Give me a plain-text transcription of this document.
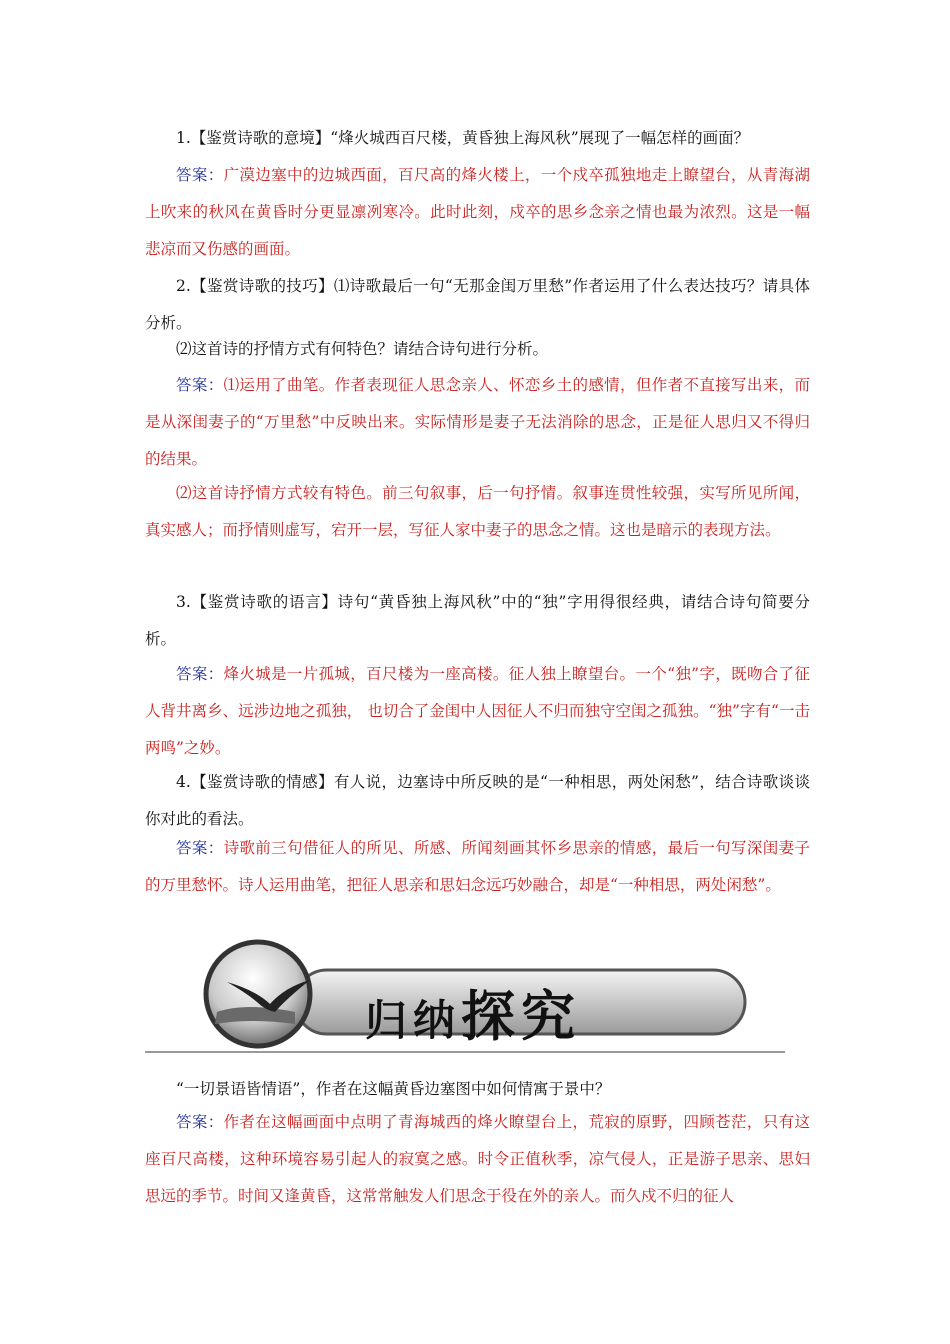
1.【鉴赏诗歌的意境】“烽火城西百尺楼，黄昏独上海风秋”展现了一幅怎样的画面？

答案：广漠边塞中的边城西面，百尺高的烽火楼上，一个戍卒孤独地走上瞭望台，从青海湖上吹来的秋风在黄昏时分更显凛冽寒冷。此时此刻，戍卒的思乡念亲之情也最为浓烈。这是一幅悲凉而又伤感的画面。

2.【鉴赏诗歌的技巧】⑴诗歌最后一句“无那金闺万里愁”作者运用了什么表达技巧？请具体分析。

⑵这首诗的抒情方式有何特色？请结合诗句进行分析。

答案：⑴运用了曲笔。作者表现征人思念亲人、怀恋乡土的感情，但作者不直接写出来，而是从深闺妻子的“万里愁”中反映出来。实际情形是妻子无法消除的思念，正是征人思归又不得归的结果。

⑵这首诗抒情方式较有特色。前三句叙事，后一句抒情。叙事连贯性较强，实写所见所闻，真实感人；而抒情则虚写，宕开一层，写征人家中妻子的思念之情。这也是暗示的表现方法。

3.【鉴赏诗歌的语言】诗句“黄昏独上海风秋”中的“独”字用得很经典，请结合诗句简要分析。

答案：烽火城是一片孤城，百尺楼为一座高楼。征人独上瞭望台。一个“独”字，既吻合了征人背井离乡、远涉边地之孤独， 也切合了金闺中人因征人不归而独守空闺之孤独。“独”字有“一击两鸣”之妙。

4.【鉴赏诗歌的情感】有人说，边塞诗中所反映的是“一种相思，两处闲愁”，结合诗歌谈谈你对此的看法。

答案：诗歌前三句借征人的所见、所感、所闻刻画其怀乡思亲的情感，最后一句写深闺妻子的万里愁怀。诗人运用曲笔，把征人思亲和思妇念远巧妙融合，却是“一种相思，两处闲愁”。

归纳探究

“一切景语皆情语”，作者在这幅黄昏边塞图中如何情寓于景中？

答案：作者在这幅画面中点明了青海城西的烽火瞭望台上，荒寂的原野，四顾苍茫，只有这座百尺高楼，这种环境容易引起人的寂寞之感。时令正值秋季，凉气侵人，正是游子思亲、思妇思远的季节。时间又逢黄昏，这常常触发人们思念于役在外的亲人。而久戍不归的征人
